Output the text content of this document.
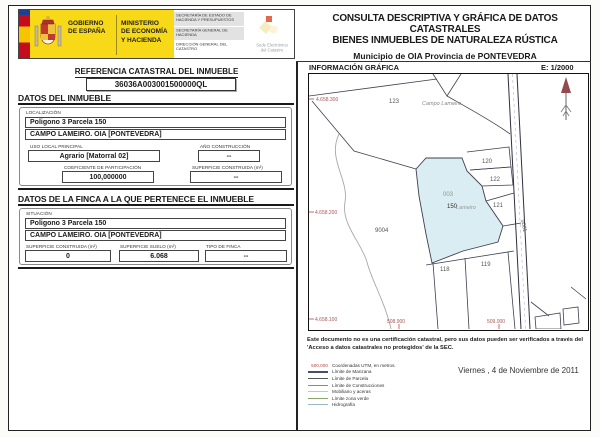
GOBIERNO
DE ESPAÑA
MINISTERIO
DE ECONOMÍA
Y HACIENDA
SECRETARÍA DE ESTADO DE HACIENDA Y PRESUPUESTOS
SECRETARÍA GENERAL DE HACIENDA
DIRECCIÓN GENERAL DEL CATASTRO
Sede Electrónica
del Catastro
CONSULTA DESCRIPTIVA Y GRÁFICA DE DATOS CATASTRALES
BIENES INMUEBLES DE NATURALEZA RÚSTICA
Municipio de OIA Provincia de PONTEVEDRA
REFERENCIA CATASTRAL DEL INMUEBLE
36036A003001500000QL
DATOS DEL INMUEBLE
LOCALIZACIÓN
Poligono 3 Parcela 150
CAMPO LAMEIRO. OIA [PONTEVEDRA]
USO LOCAL PRINCIPAL
Agrario [Matorral 02]
AÑO CONSTRUCCIÓN
--
COEFICIENTE DE PARTICIPACIÓN
100,000000
SUPERFICIE CONSTRUIDA (m²)
--
DATOS DE LA FINCA A LA QUE PERTENECE EL INMUEBLE
SITUACIÓN
Poligono 3 Parcela 150
CAMPO LAMEIRO. OIA [PONTEVEDRA]
SUPERFICIE CONSTRUIDA (m²)
0
SUPERFICIE SUELO (m²)
6.068
TIPO DE FINCA
--
INFORMACIÓN GRÁFICA	E: 1/2000
123	Campo Lameiro
003
150
Lameiro
120
122
121
9004
118
119
9001
4.658.300
4.658.200
4.658.100	508.900	509.000
Este documento no es una certificación catastral, pero sus datos pueden ser verificados a través del
'Acceso a datos catastrales no protegidos' de la SEC.
500,000 Coordenadas UTM, en metros.
Límite de Manzana
Límite de Parcela
Límite de Construcciones
Mobiliario y aceras
Límite zona verde
Hidrografía
Viernes , 4 de Noviembre de 2011
